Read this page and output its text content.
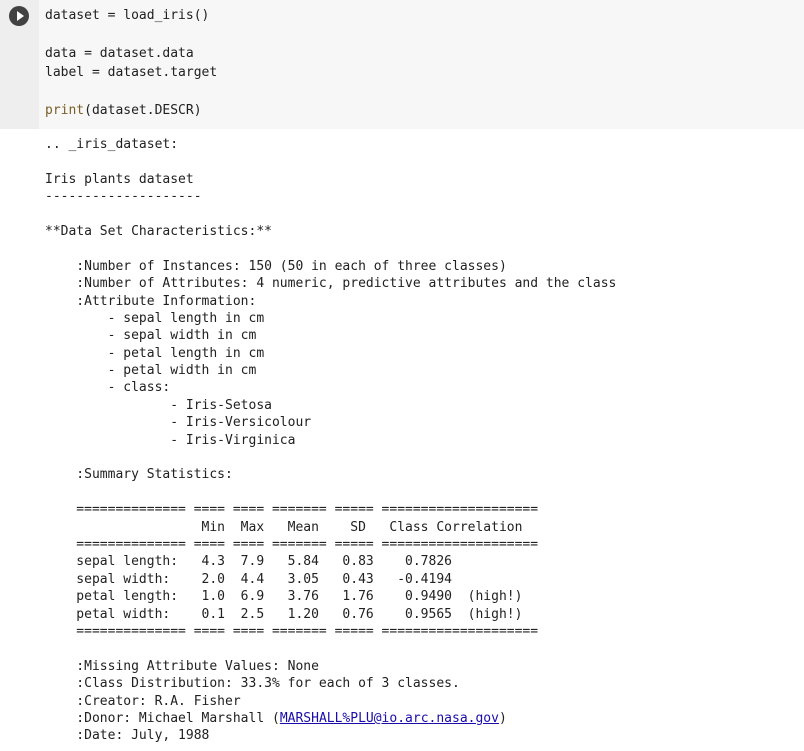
dataset = load_iris()
data = dataset.data
label = dataset.target
print(dataset.DESCR)
.. _iris_dataset:
Iris plants dataset
--------------------
**Data Set Characteristics:**
:Number of Instances: 150 (50 in each of three classes)
:Number of Attributes: 4 numeric, predictive attributes and the class
:Attribute Information:
- sepal length in cm
- sepal width in cm
- petal length in cm
- petal width in cm
- class:
- Iris-Setosa
- Iris-Versicolour
- Iris-Virginica
:Summary Statistics:
============== ==== ==== ======= ===== ====================
Min  Max   Mean    SD   Class Correlation
============== ==== ==== ======= ===== ====================
sepal length:   4.3  7.9   5.84   0.83    0.7826
sepal width:    2.0  4.4   3.05   0.43   -0.4194
petal length:   1.0  6.9   3.76   1.76    0.9490  (high!)
petal width:    0.1  2.5   1.20   0.76    0.9565  (high!)
============== ==== ==== ======= ===== ====================
:Missing Attribute Values: None
:Class Distribution: 33.3% for each of 3 classes.
:Creator: R.A. Fisher
:Donor: Michael Marshall (MARSHALL%PLU@io.arc.nasa.gov)
:Date: July, 1988
